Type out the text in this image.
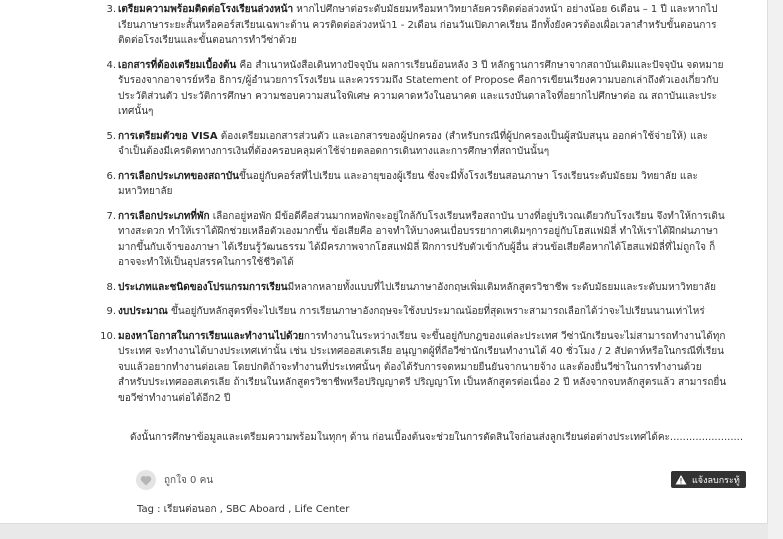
3. เตรียมความพร้อมติดต่อโรงเรียนล่วงหน้า หากไปศึกษาต่อระดับมัธยมหรือมหาวิทยาลัยควรติดต่อล่วงหน้า อย่างน้อย 6เดือน – 1 ปี และหากไปเรียนภาษาระยะสั้นหรือคอร์สเรียนเฉพาะด้าน ควรติดต่อล่วงหน้า1 - 2เดือน ก่อนวันเปิดภาคเรียน อีกทั้งยังควรต้องเผื่อเวลาสำหรับขั้นตอนการติดต่อโรงเรียนและขั้นตอนการทำวีซ่าด้วย
4. เอกสารที่ต้องเตรียมเบื้องต้น คือ สำเนาหนังสือเดินทางปัจจุบัน ผลการเรียนย้อนหลัง 3 ปี หลักฐานการศึกษาจากสถาบันเดิมและปัจจุบัน จดหมายรับรองจากอาจารย์หรือ ธิการ/ผู้อำนวยการโรงเรียน และควรรวมถึง Statement of Propose คือการเขียนเรียงความบอกเล่าถึงตัวเองเกี่ยวกับประวัติส่วนตัว ประวัติการศึกษา ความชอบความสนใจพิเศษ ความคาดหวังในอนาคต และแรงบันดาลใจที่อยากไปศึกษาต่อ ณ สถาบันและประเทศนั้นๆ
5. การเตรียมตัวขอ VISA ต้องเตรียมเอกสารส่วนตัว และเอกสารของผู้ปกครอง (สำหรับกรณีที่ผู้ปกครองเป็นผู้สนับสนุน ออกค่าใช้จ่ายให้) และจำเป็นต้องมีเครดิตทางการเงินที่ต้องครอบคลุมค่าใช้จ่ายตลอดการเดินทางและการศึกษาที่สถาบันนั้นๆ
6. การเลือกประเภทของสถาบันขึ้นอยู่กับคอร์สที่ไปเรียน และอายุของผู้เรียน ซึ่งจะมีทั้งโรงเรียนสอนภาษา โรงเรียนระดับมัธยม วิทยาลัย และมหาวิทยาลัย
7. การเลือกประเภทที่พัก เลือกอยู่หอพัก มีข้อดีคือส่วนมากหอพักจะอยู่ใกล้กับโรงเรียนหรือสถาบัน บางที่อยู่บริเวณเดียวกับโรงเรียน จึงทำให้การเดินทางสะดวก ทำให้เราได้ฝึกช่วยเหลือตัวเองมากขึ้น ข้อเสียคือ อาจทำให้บางคนเบื่อบรรยากาศเดิมๆการอยู่กับโฮสแฟมิลี่ ทำให้เราได้ฝึกฝนภาษามากขึ้นกับเจ้าของภาษา ได้เรียนรู้วัฒนธรรม ได้มีครภาพจากโฮสแฟมิลี่ ฝึกการปรับตัวเข้ากับผู้อื่น ส่วนข้อเสียคือหากได้โฮสแฟมิลี่ที่ไม่ถูกใจ ก็อาจจะทำให้เป็นอุปสรรคในการใช้ชีวิตได้
8. ประเภทและชนิดของโปรแกรมการเรียนมีหลากหลายทั้งแบบที่ไปเรียนภาษาอังกฤษเพิ่มเติมหลักสูตรวิชาชีพ ระดับมัธยมและระดับมหาวิทยาลัย
9. งบประมาณ ขึ้นอยู่กับหลักสูตรที่จะไปเรียน การเรียนภาษาอังกฤษจะใช้งบประมาณน้อยที่สุดเพราะสามารถเลือกได้ว่าจะไปเรียนนานเท่าไหร่
10. มองหาโอกาสในการเรียนและทำงานไปด้วยการทำงานในระหว่างเรียน จะขึ้นอยู่กับกฎของแต่ละประเทศ วีซ่านักเรียนจะไม่สามารถทำงานได้ทุกประเทศ จะทำงานได้บางประเทศเท่านั้น เช่น ประเทศออสเตรเลีย อนุญาตผู้ที่ถือวีซ่านักเรียนทำงานได้ 40 ชั่วโมง / 2 สัปดาห์หรือในกรณีที่เรียนจบแล้วอยากทำงานต่อเลย โดยปกติถ้าจะทำงานที่ประเทศนั้นๆ ต้องได้รับการจดหมายยืนยันจากนายจ้าง และต้องยื่นวีซ่าในการทำงานด้วย สำหรับประเทศออสเตรเลีย ถ้าเรียนในหลักสูตรวิชาชีพหรือปริญญาตรี ปริญญาโท เป็นหลักสูตรต่อเนื่อง 2 ปี หลังจากจบหลักสูตรแล้ว สามารถยื่นขอวีซ่าทำงานต่อได้อีก2 ปี

ดังนั้นการศึกษาข้อมูลและเตรียมความพร้อมในทุกๆ ด้าน ก่อนเบื้องต้นจะช่วยในการตัดสินใจก่อนส่งลูกเรียนต่อต่างประเทศได้คะ.......................

ถูกใจ 0 คน	แจ้งลบกระทู้
Tag : เรียนต่อนอก , SBC Aboard , Life Center
